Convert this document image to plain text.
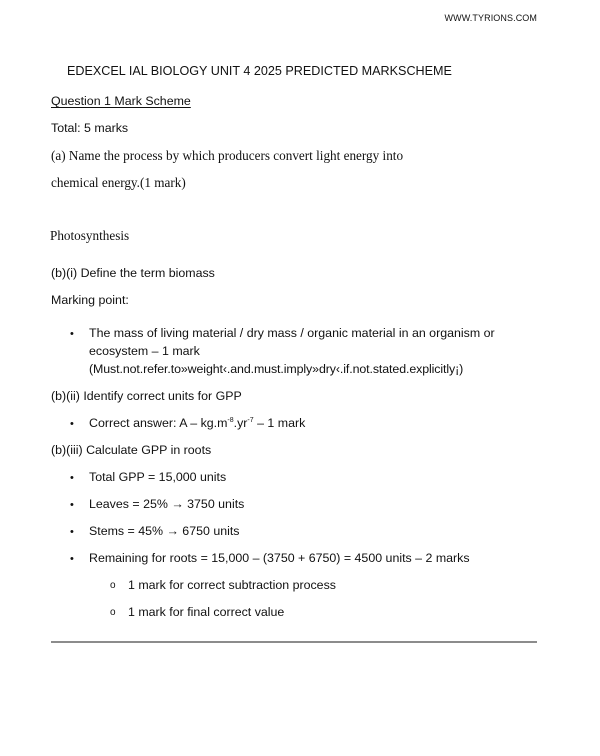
WWW.TYRIONS.COM

EDEXCEL IAL BIOLOGY UNIT 4 2025 PREDICTED MARKSCHEME

Question 1 Mark Scheme

Total: 5 marks

(a) Name the process by which producers convert light energy into

chemical energy.(1 mark)

Photosynthesis

(b)(i) Define the term biomass

Marking point:

• The mass of living material / dry mass / organic material in an organism or

ecosystem – 1 mark

(Must.not.refer.to»weight‹.and.must.imply»dry‹.if.not.stated.explicitly¡)

(b)(ii) Identify correct units for GPP

• Correct answer: A – $kg.m^{-8}.yr^{-7} - 1$ mark

(b)(iii) Calculate GPP in roots

• Total GPP = 15,000 units

• Leaves = 25% → 3750 units

• Stems = 45% → 6750 units

• Remaining for roots = 15,000 – (3750 + 6750) = 4500 units – 2 marks

o 1 mark for correct subtraction process

o 1 mark for final correct value
